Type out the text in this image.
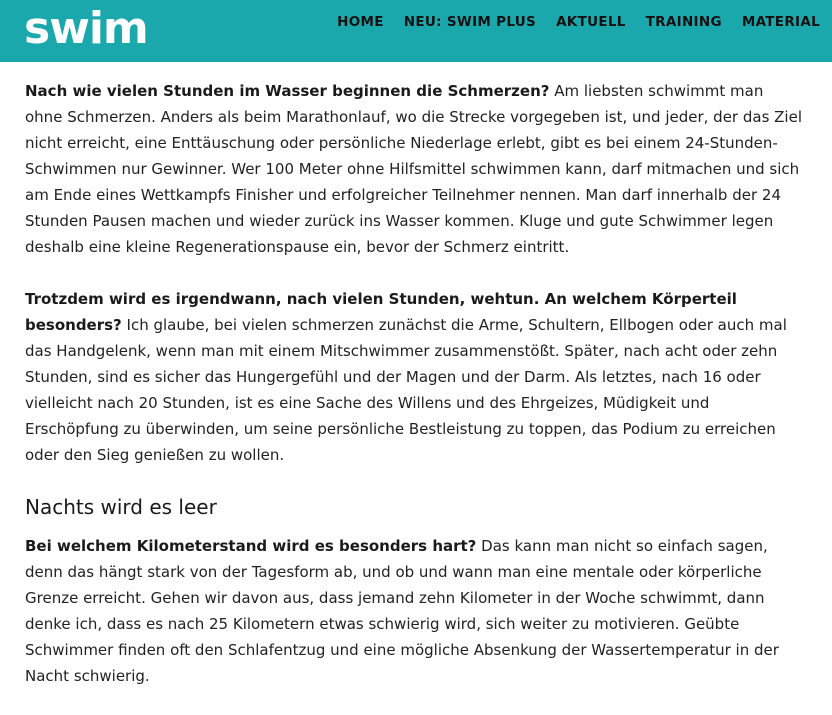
swim	HOME NEU: SWIM PLUS AKTUELL TRAINING MATERIAL

Nach wie vielen Stunden im Wasser beginnen die Schmerzen? Am liebsten schwimmt man ohne Schmerzen. Anders als beim Marathonlauf, wo die Strecke vorgegeben ist, und jeder, der das Ziel nicht erreicht, eine Enttäuschung oder persönliche Niederlage erlebt, gibt es bei einem 24-Stunden-Schwimmen nur Gewinner. Wer 100 Meter ohne Hilfsmittel schwimmen kann, darf mitmachen und sich am Ende eines Wettkampfs Finisher und erfolgreicher Teilnehmer nennen. Man darf innerhalb der 24 Stunden Pausen machen und wieder zurück ins Wasser kommen. Kluge und gute Schwimmer legen deshalb eine kleine Regenerationspause ein, bevor der Schmerz eintritt.

Trotzdem wird es irgendwann, nach vielen Stunden, wehtun. An welchem Körperteil besonders? Ich glaube, bei vielen schmerzen zunächst die Arme, Schultern, Ellbogen oder auch mal das Handgelenk, wenn man mit einem Mitschwimmer zusammenstößt. Später, nach acht oder zehn Stunden, sind es sicher das Hungergefühl und der Magen und der Darm. Als letztes, nach 16 oder vielleicht nach 20 Stunden, ist es eine Sache des Willens und des Ehrgeizes, Müdigkeit und Erschöpfung zu überwinden, um seine persönliche Bestleistung zu toppen, das Podium zu erreichen oder den Sieg genießen zu wollen.

Nachts wird es leer

Bei welchem Kilometerstand wird es besonders hart? Das kann man nicht so einfach sagen, denn das hängt stark von der Tagesform ab, und ob und wann man eine mentale oder körperliche Grenze erreicht. Gehen wir davon aus, dass jemand zehn Kilometer in der Woche schwimmt, dann denke ich, dass es nach 25 Kilometern etwas schwierig wird, sich weiter zu motivieren. Geübte Schwimmer finden oft den Schlafentzug und eine mögliche Absenkung der Wassertemperatur in der Nacht schwierig.
